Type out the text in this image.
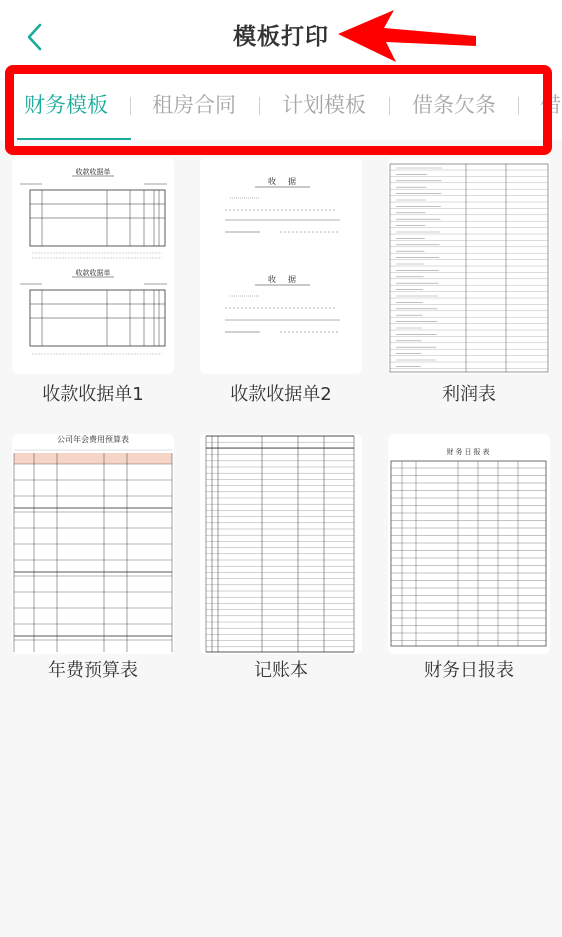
模板打印
财务模板 租房合同 计划模板 借条欠条 借
收款收据单
收款收据单
收款收据单1
收 据
收 据
收款收据单2	利润表
公司年会费用预算表
年费预算表	记账本
财务日报表
财务日报表
